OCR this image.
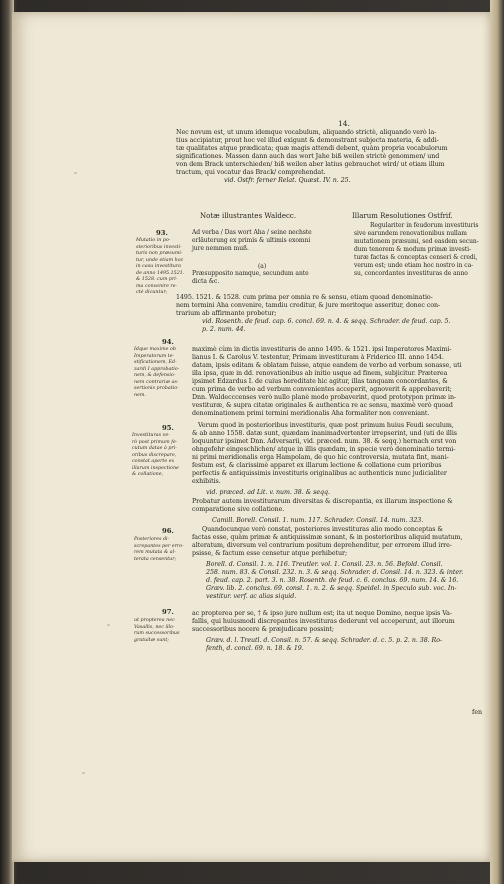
14.
Nec novum est, ut unum idemque vocabulum, aliquando strictè, aliquando verò la-
tius accipiatur, prout hoc vel illud exigunt & demonstrant subjecta materia, & addi-
tæ qualitates atque prædicata; quæ magis attendi debent, quàm propria vocabulorum
significationes. Massen dann auch das wort Jahe biß weilen strictè genommen/ und
von dem Brack unterschieden/ biß weilen aber latius gebrauchet wird/ ut etiam illum
tractum, qui vocatur das Brack/ comprehendat.
vid. Ostfr. ferner Relat. Quæst. IV. n. 25.
Notæ illustrantes Waldecc.	Illarum Resolutiones Ostfrif.
93.
Mutatio in po-
sterioribus investi-
turis non præsumi-
tur, unde etiam hoc
in casu investitura
de anno 1495.1521.
& 1528. cum pri-
ma convenire re-
ctè dicuntur;
Ad verba / Das wort Aha / seine nechste
erläuterung ex primis & ultimis exomni
jure nemmen muß.
(a)
Præsupposito namque, secundum ante
dicta &c.
Regulariter in feudorum investituris
sive earundem renovationibus nullam
mutationem præsumi, sed easdem secun-
dum tenorem & modum primæ investi-
turæ factas & conceptas censeri & credi,
verum est; unde etiam hoc nostro in ca-
su, concordantes investituras de anno
1495. 1521. & 1528. cum prima per omnia re & sensu, etiam quoad denominatio-
nem termini Aha convenire, tamdiu creditur, & jure meritoque asseritur, donec con-
trarium ab affirmante probetur;
vid. Rosenth. de feud. cap. 6. concl. 69. n. 4. & seqq. Schrader. de feud. cap. 5.
p. 2. num. 44.
94.
Idque maxime ob
Imperatorum te-
stificationem, Ed-
zardi I approbatio-
nem, & defensio-
nem contrariæ as-
sertionis probatio-
nem.
maximè cùm in dictis investituris de anno 1495. & 1521. ipsi Imperatores Maximi-
lianus I. & Carolus V. testentur, Primam investituram à Friderico III. anno 1454.
datam, ipsis editam & oblatam fuisse, atque eandem de verbo ad verbum sonasse, uti
illa ipsa, quæ in dd. renovationibus ab initio usque ad finem, subjicitur. Præterea
ipsimet Edzardus I. de cuius hereditate hic agitur, illas tanquam concordantes, &
cum prima de verbo ad verbum convenientes acceperit, agnoverit & approbaverit;
Dnn. Waldecccenses verò nullo planè modo probaverint, quod prototypon primæ in-
vestituræ, & supra citatæ originales & authentica re ac sensu, maximè verò quoad
denominationem primi termini meridionalis Aha formaliter non conveniant.
95.
Investituras ve-
rò post primum fe-
cutum datae à pri-
oribus discrepare,
constat aperte ex
illarum inspectione
& collatione,
Verum quod in posterioribus investituris, quæ post primum huius Feudi seculum,
& ab anno 1558. datæ sunt, quædam inanimadvertenter irrepserint, und (uti de illis
loquuntur ipsimet Dnn. Adversarii, vid. præced. num. 38. & seqq.) hernach erst von
ohngefehr eingeschlichen/ atque in illis quædam, in specie verò denominatio termi-
ni primi meridionalis erga Hampolam, de quo hic controversia, mutata fint, mani-
festum est, & clarissimè apparet ex illarum lectione & collatione cum prioribus
perfectis & antiquissimis investituris originalibus ac authenticis nunc judicialiter
exhibitis.
vid. præced. ad Lit. v. num. 38. & seqq.
Probatur autem investiturarum diversitas & discrepantia, ex illarum inspectione &
comparatione sive collatione.
Camill. Borell. Consil. 1. num. 117. Schrader. Consil. 14. num. 323.
96.
Posteriores di-
screpantes per erro-
rem mutata & al-
terata censentur;
Quandocunque verò constat, posteriores investituras alio modo conceptas &
factas esse, quàm primæ & antiquissimæ sonant, & in posterioribus aliquid mutatum,
alteratum, diversum vel contrarium positum deprehenditur, per errorem illud irre-
psisse, & factum esse censetur atque perhibetur;
Borell. d. Consil. 1. n. 116. Treutler. vol. 1. Consil. 23. n. 56. Befold. Consil.
258. num. 83. & Consil. 232. n. 3. & seqq. Schrader. d. Consil. 14. n. 323. & inter.
d. feud. cap. 2. part. 3. n. 38. Rosenth. de feud. c. 6. conclus. 69. num. 14. & 16.
Græv. lib. 2. conclus. 69. consl. 1. n. 2. & seqq. Speidel. in Speculo sub. voc. In-
vestitur. verf. ac alias siquid.
97.
ut propterea nec
Vasallis, nec illo-
rum successoribus
gratuitæ sunt;
ac propterea per se, † & ipso jure nullum est; ita ut neque Domino, neque ipsis Va-
fallis, qui huiusmodi discrepantes investituras dederunt vel acceperunt, aut illorum
successoribus nocere & præjudicare possint;
Græv. d. l. Treutl. d. Consil. n. 57. & seqq. Schrader. d. c. 5. p. 2. n. 38. Ro-
fenth, d. concl. 69. n. 18. & 19.
fen
